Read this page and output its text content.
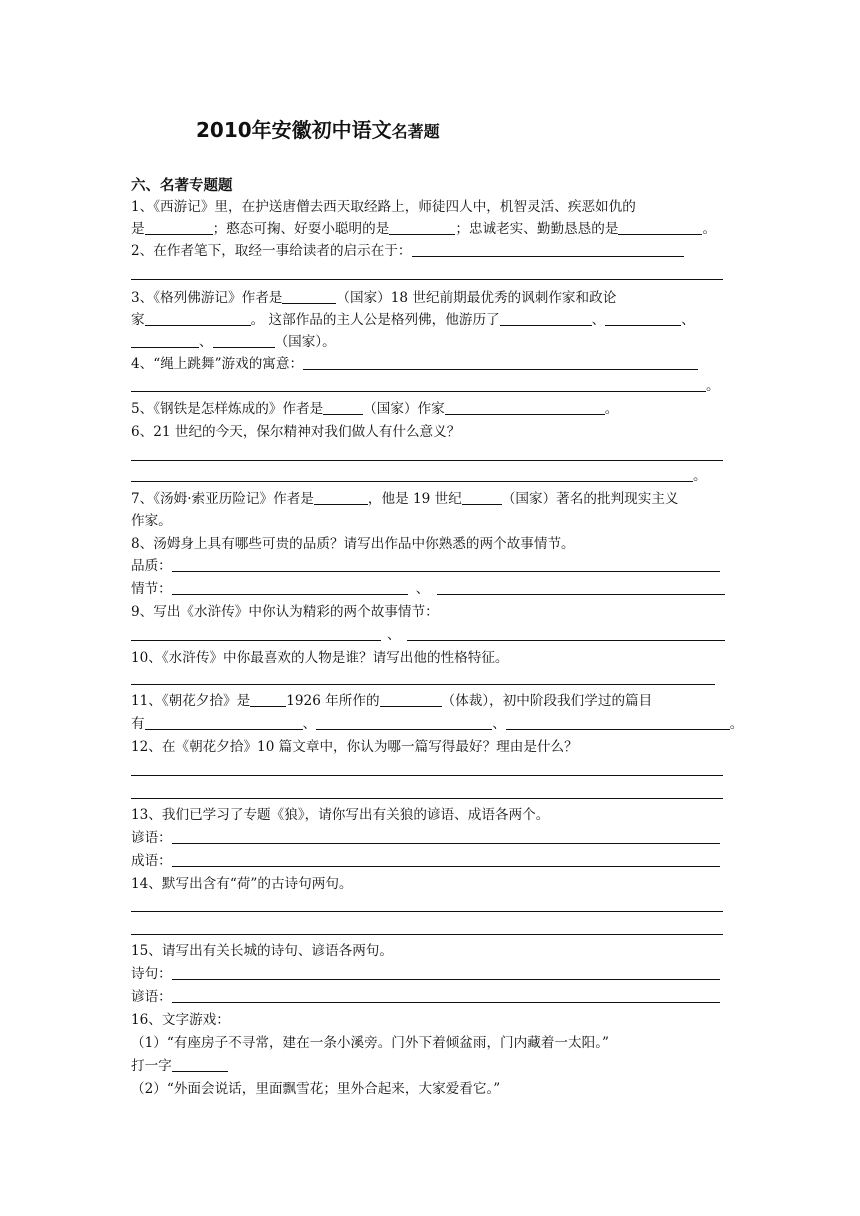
2010年安徽初中语文名著题
六、名著专题题
1、《西游记》里，在护送唐僧去西天取经路上，师徒四人中，机智灵活、疾恶如仇的
是	；憨态可掬、好耍小聪明的是	；忠诚老实、勤勤恳恳的是	。
2、在作者笔下，取经一事给读者的启示在于：
3、《格列佛游记》作者是	（国家）18 世纪前期最优秀的讽刺作家和政论
家	。 这部作品的主人公是格列佛，他游历了	、	、
、	（国家）。
4、“绳上跳舞”游戏的寓意：
。
5、《钢铁是怎样炼成的》作者是	（国家）作家	。
6、21 世纪的今天，保尔精神对我们做人有什么意义？
。
7、《汤姆·索亚历险记》作者是	，他是 19 世纪	（国家）著名的批判现实主义
作家。
8、汤姆身上具有哪些可贵的品质？请写出作品中你熟悉的两个故事情节。
品质：
情节：	、
9、写出《水浒传》中你认为精彩的两个故事情节：
、
10、《水浒传》中你最喜欢的人物是谁？请写出他的性格特征。
11、《朝花夕拾》是	1926 年所作的	（体裁），初中阶段我们学过的篇目
有	、	、	。
12、在《朝花夕拾》10 篇文章中，你认为哪一篇写得最好？理由是什么？
13、我们已学习了专题《狼》，请你写出有关狼的谚语、成语各两个。
谚语：
成语：
14、默写出含有“荷”的古诗句两句。
15、请写出有关长城的诗句、谚语各两句。
诗句：
谚语：
16、文字游戏：
（1）“有座房子不寻常，建在一条小溪旁。门外下着倾盆雨，门内藏着一太阳。”
打一字
（2）“外面会说话，里面飘雪花；里外合起来，大家爱看它。”
